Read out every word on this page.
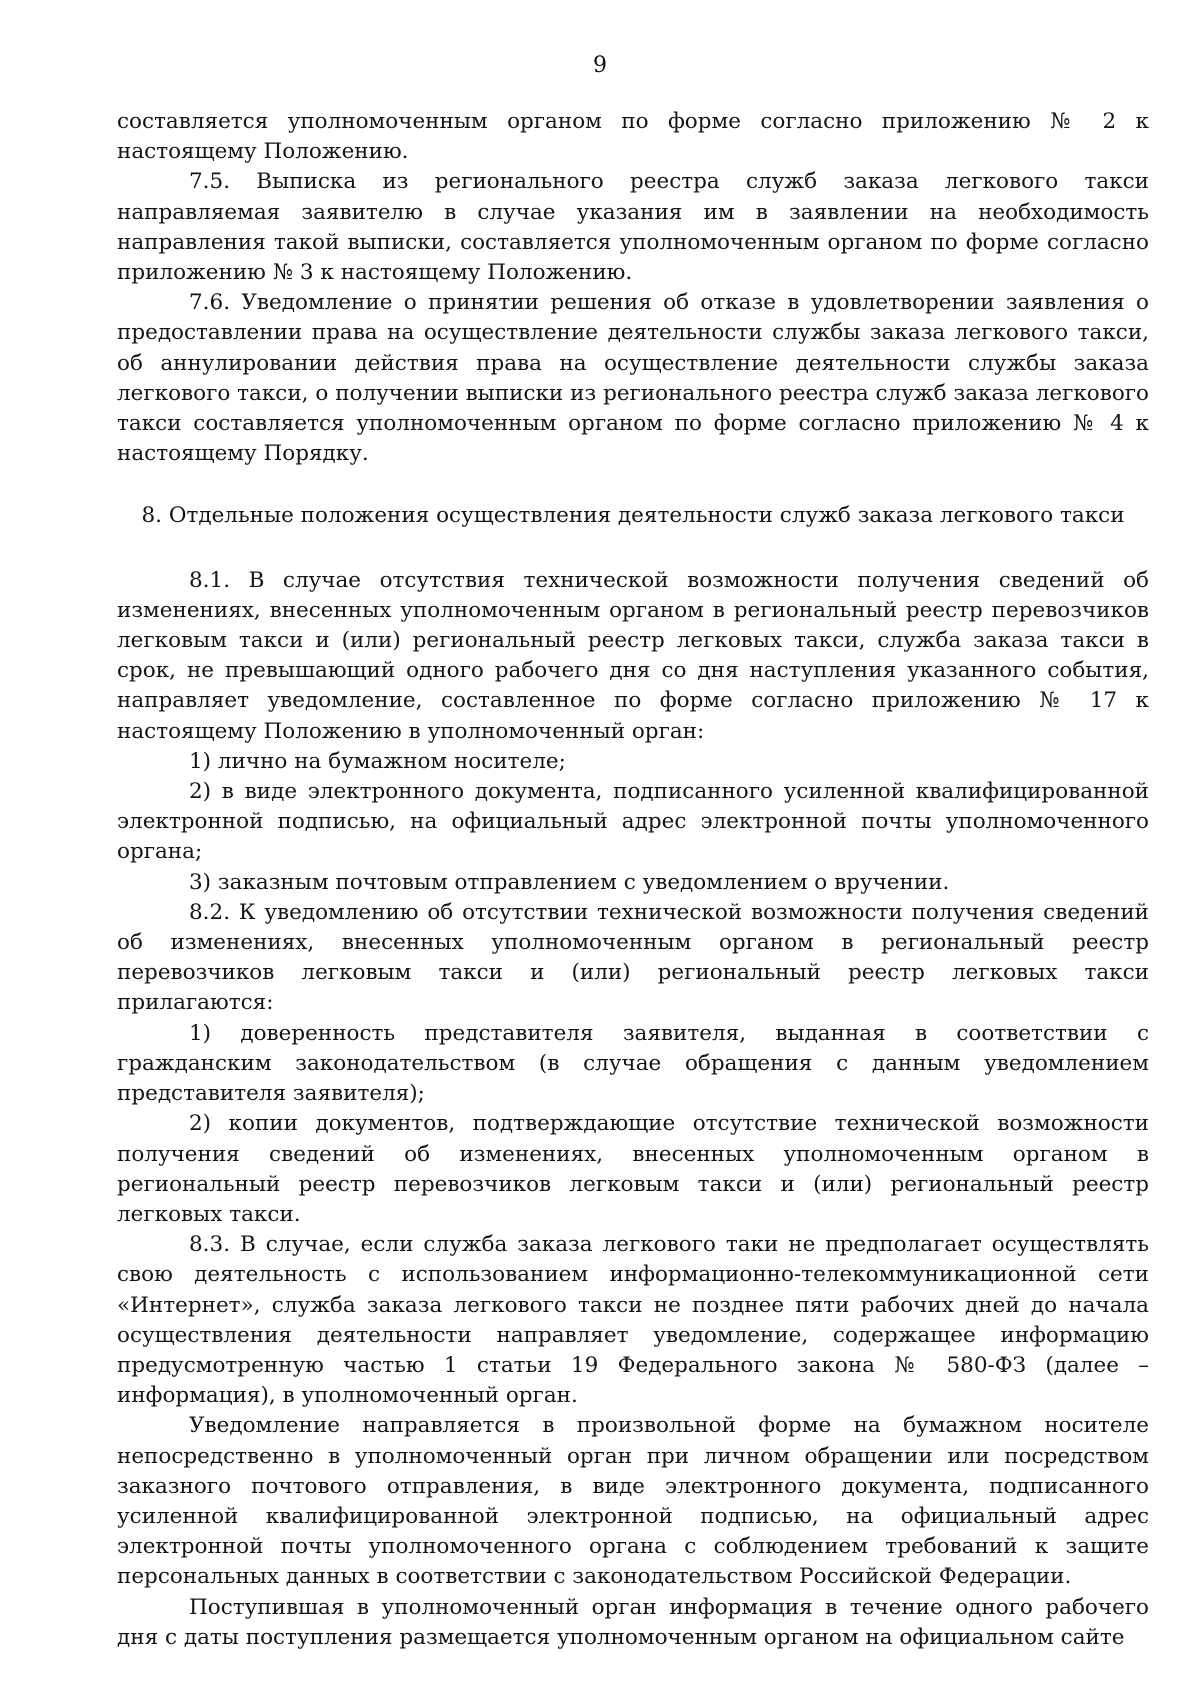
9

составляется уполномоченным органом по форме согласно приложению № 2 к настоящему Положению.

7.5. Выписка из регионального реестра служб заказа легкового такси направляемая заявителю в случае указания им в заявлении на необходимость направления такой выписки, составляется уполномоченным органом по форме согласно приложению № 3 к настоящему Положению.

7.6. Уведомление о принятии решения об отказе в удовлетворении заявления о предоставлении права на осуществление деятельности службы заказа легкового такси, об аннулировании действия права на осуществление деятельности службы заказа легкового такси, о получении выписки из регионального реестра служб заказа легкового такси составляется уполномоченным органом по форме согласно приложению № 4 к настоящему Порядку.

8. Отдельные положения осуществления деятельности служб заказа легкового такси

8.1. В случае отсутствия технической возможности получения сведений об изменениях, внесенных уполномоченным органом в региональный реестр перевозчиков легковым такси и (или) региональный реестр легковых такси, служба заказа такси в срок, не превышающий одного рабочего дня со дня наступления указанного события, направляет уведомление, составленное по форме согласно приложению № 17 к настоящему Положению в уполномоченный орган:

1) лично на бумажном носителе;

2) в виде электронного документа, подписанного усиленной квалифицированной электронной подписью, на официальный адрес электронной почты уполномоченного органа;

3) заказным почтовым отправлением с уведомлением о вручении.

8.2. К уведомлению об отсутствии технической возможности получения сведений об изменениях, внесенных уполномоченным органом в региональный реестр перевозчиков легковым такси и (или) региональный реестр легковых такси прилагаются:

1) доверенность представителя заявителя, выданная в соответствии с гражданским законодательством (в случае обращения с данным уведомлением представителя заявителя);

2) копии документов, подтверждающие отсутствие технической возможности получения сведений об изменениях, внесенных уполномоченным органом в региональный реестр перевозчиков легковым такси и (или) региональный реестр легковых такси.

8.3. В случае, если служба заказа легкового таки не предполагает осуществлять свою деятельность с использованием информационно-телекоммуникационной сети «Интернет», служба заказа легкового такси не позднее пяти рабочих дней до начала осуществления деятельности направляет уведомление, содержащее информацию предусмотренную частью 1 статьи 19 Федерального закона № 580-ФЗ (далее – информация), в уполномоченный орган.

Уведомление направляется в произвольной форме на бумажном носителе непосредственно в уполномоченный орган при личном обращении или посредством заказного почтового отправления, в виде электронного документа, подписанного усиленной квалифицированной электронной подписью, на официальный адрес электронной почты уполномоченного органа с соблюдением требований к защите персональных данных в соответствии с законодательством Российской Федерации.

Поступившая в уполномоченный орган информация в течение одного рабочего дня с даты поступления размещается уполномоченным органом на официальном сайте
